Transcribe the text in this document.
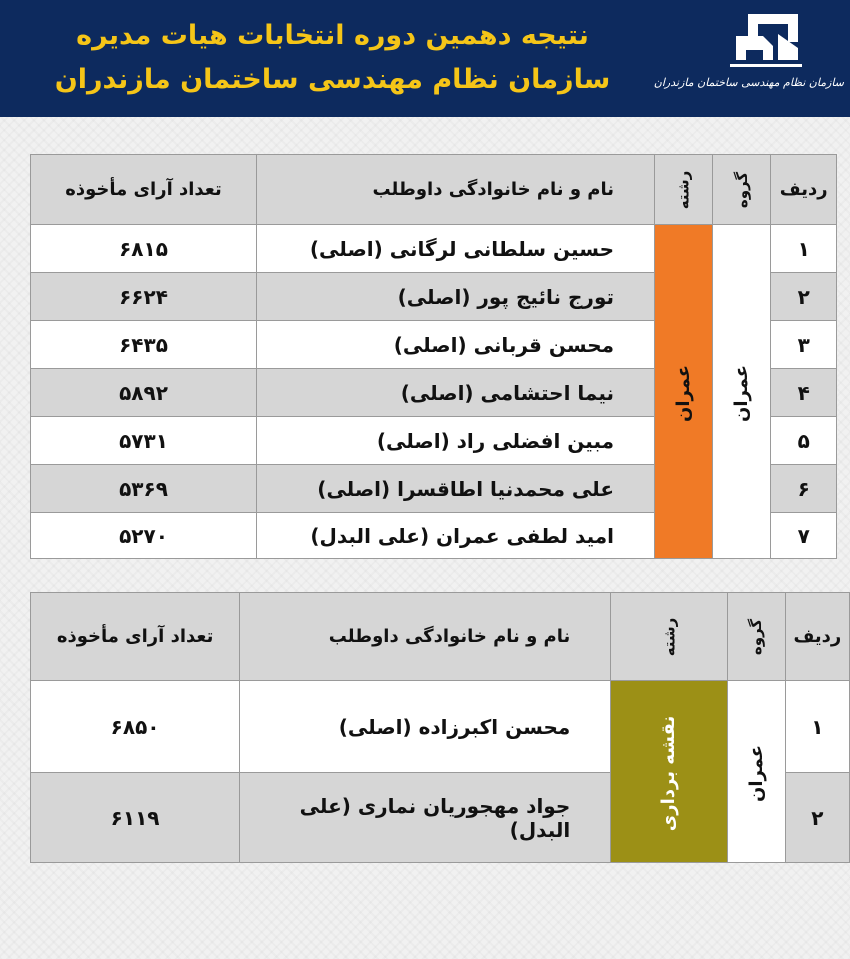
نتیجه دهمین دوره انتخابات هیات مدیره
سازمان نظام مهندسی ساختمان مازندران	سازمان نظام مهندسی ساختمان مازندران
ردیف	گروه	رشته	نام و نام خانوادگی داوطلب	تعداد آرای مأخوذه
۱	عمران	عمران	حسین سلطانی لرگانی (اصلی)	۶۸۱۵
۲			تورج نائیج پور (اصلی)	۶۶۲۴
۳			محسن قربانی (اصلی)	۶۴۳۵
۴			نیما احتشامی (اصلی)	۵۸۹۲
۵			مبین افضلی راد (اصلی)	۵۷۳۱
۶			علی محمدنیا اطاقسرا (اصلی)	۵۳۶۹
۷			امید لطفی عمران (علی البدل)	۵۲۷۰
ردیف	گروه	رشته	نام و نام خانوادگی داوطلب	تعداد آرای مأخوذه
۱	عمران	نقشه برداری	محسن اکبرزاده (اصلی)	۶۸۵۰
۲			جواد مهجوریان نماری (علی البدل)	۶۱۱۹
